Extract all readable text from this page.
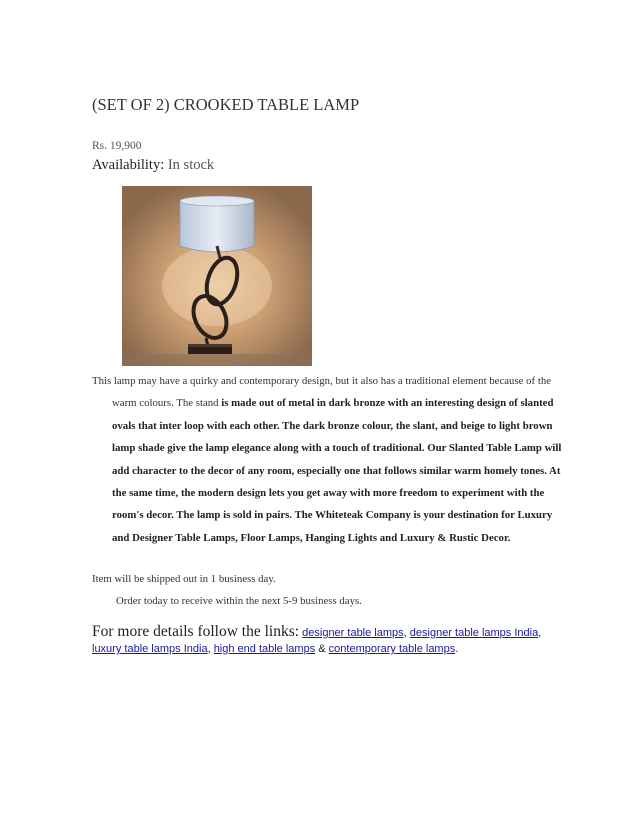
(SET OF 2) CROOKED TABLE LAMP
Rs. 19,900
Availability: In stock
This lamp may have a quirky and contemporary design, but it also has a traditional element because of the warm colours. The stand is made out of metal in dark bronze with an interesting design of slanted ovals that inter loop with each other. The dark bronze colour, the slant, and beige to light brown lamp shade give the lamp elegance along with a touch of traditional. Our Slanted Table Lamp will add character to the decor of any room, especially one that follows similar warm homely tones. At the same time, the modern design lets you get away with more freedom to experiment with the room's decor. The lamp is sold in pairs. The Whiteteak Company is your destination for Luxury and Designer Table Lamps, Floor Lamps, Hanging Lights and Luxury & Rustic Decor.
Item will be shipped out in 1 business day.
Order today to receive within the next 5-9 business days.
For more details follow the links: designer table lamps, designer table lamps India, luxury table lamps India, high end table lamps & contemporary table lamps.
